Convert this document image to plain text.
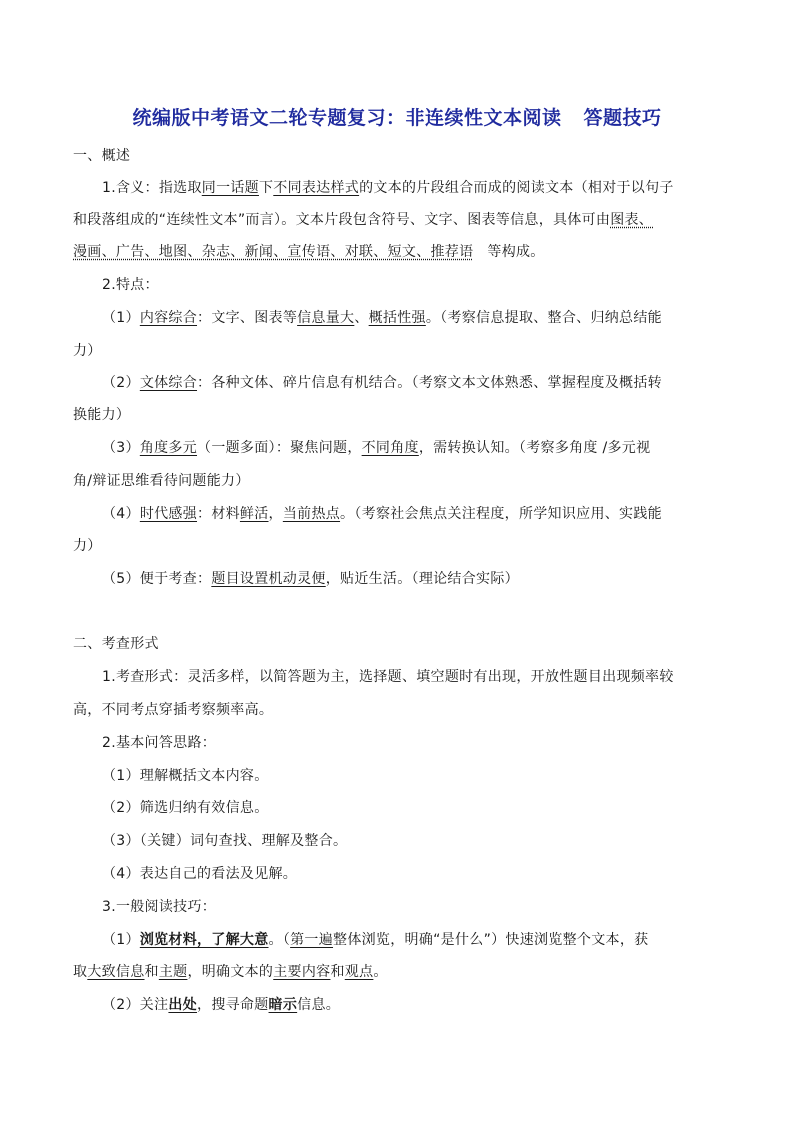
统编版中考语文二轮专题复习：非连续性文本阅读 答题技巧
一、概述
1.含义：指选取同一话题下不同表达样式的文本的片段组合而成的阅读文本（相对于以句子
和段落组成的“连续性文本”而言）。文本片段包含符号、文字、图表等信息，具体可由图表、
漫画、广告、地图、杂志、新闻、宣传语、对联、短文、推荐语 等构成。
2.特点：
（1）内容综合：文字、图表等信息量大、概括性强。（考察信息提取、整合、归纳总结能
力）
（2）文体综合：各种文体、碎片信息有机结合。（考察文本文体熟悉、掌握程度及概括转
换能力）
（3）角度多元（一题多面）：聚焦问题，不同角度，需转换认知。（考察多角度 /多元视
角/辩证思维看待问题能力）
（4）时代感强：材料鲜活，当前热点。（考察社会焦点关注程度，所学知识应用、实践能
力）
（5）便于考查：题目设置机动灵便，贴近生活。（理论结合实际）
二、考查形式
1.考查形式：灵活多样，以简答题为主，选择题、填空题时有出现，开放性题目出现频率较
高，不同考点穿插考察频率高。
2.基本问答思路：
（1）理解概括文本内容。
（2）筛选归纳有效信息。
（3）（关键）词句查找、理解及整合。
（4）表达自己的看法及见解。
3.一般阅读技巧：
（1）浏览材料，了解大意。（第一遍整体浏览，明确“是什么”）快速浏览整个文本，获
取大致信息和主题，明确文本的主要内容和观点。
（2）关注出处，搜寻命题暗示信息。
